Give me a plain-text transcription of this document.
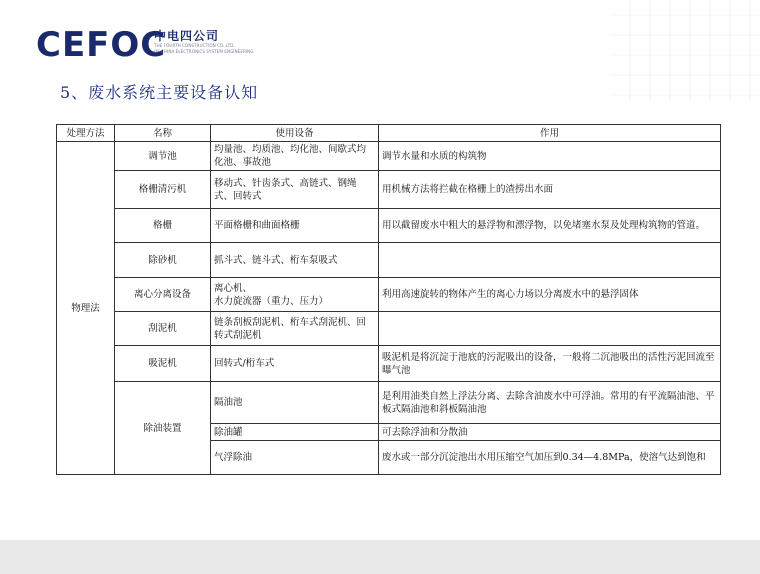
CEFOC
中电四公司
THE FOURTH CONSTRUCTION CO.,LTD.
OF CHINA ELECTRONICS SYSTEM ENGINEERING
5、废水系统主要设备认知
处理方法	名称	使用设备	作用
物理法	调节池	均量池、均质池、均化池、间歇式均化池、事故池	调节水量和水质的构筑物
	格栅清污机	移动式、针齿条式、高链式、钢绳式、回转式	用机械方法将拦截在格栅上的渣捞出水面
	格栅	平面格栅和曲面格栅	用以截留废水中粗大的悬浮物和漂浮物，以免堵塞水泵及处理构筑物的管道。
	除砂机	抓斗式、链斗式、桁车泵吸式	
	离心分离设备	离心机、
水力旋流器（重力、压力）	利用高速旋转的物体产生的离心力场以分离废水中的悬浮固体
	刮泥机	链条刮板刮泥机、桁车式刮泥机、回转式刮泥机	
	吸泥机	回转式/桁车式	吸泥机是将沉淀于池底的污泥吸出的设备，一般将二沉池吸出的活性污泥回流至曝气池
	除油装置	隔油池	是利用油类自然上浮法分离、去除含油废水中可浮油。常用的有平流隔油池、平板式隔油池和斜板隔油池
		除油罐	可去除浮油和分散油
		气浮除油	废水或一部分沉淀池出水用压缩空气加压到0.34—4.8MPa，使溶气达到饱和
